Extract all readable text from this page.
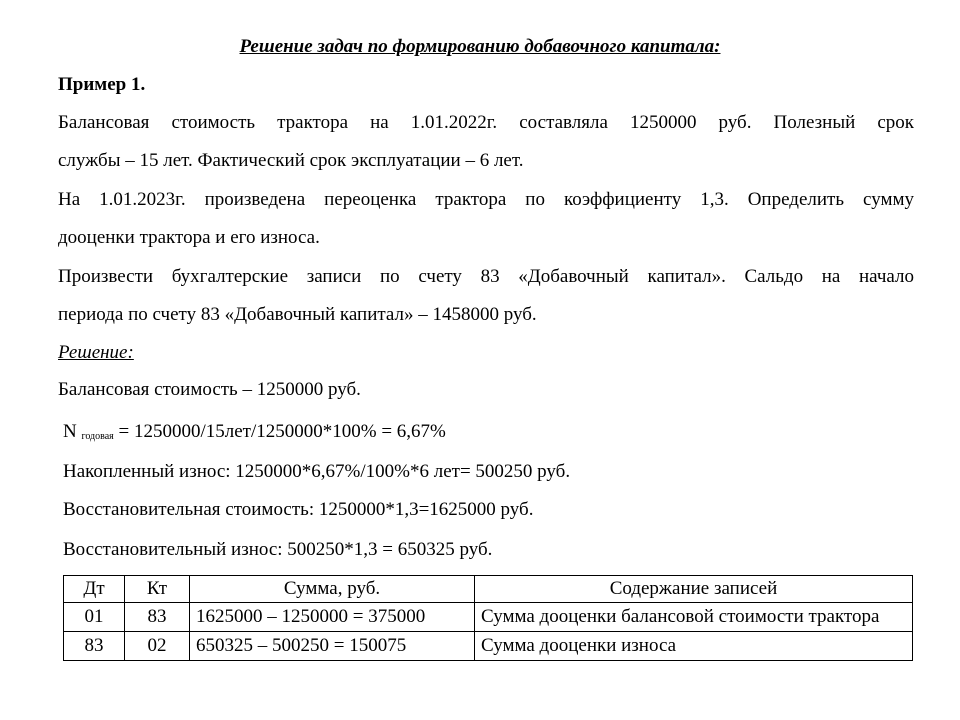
Решение задач по формированию добавочного капитала:
Пример 1.
Балансовая стоимость трактора на 1.01.2022г. составляла 1250000 руб. Полезный срок
службы – 15 лет. Фактический срок эксплуатации – 6 лет.
На 1.01.2023г. произведена переоценка трактора по коэффициенту 1,3. Определить сумму
дооценки трактора и его износа.
Произвести бухгалтерские записи по счету 83 «Добавочный капитал». Сальдо на начало
периода по счету 83 «Добавочный капитал» – 1458000 руб.
Решение:
Балансовая стоимость – 1250000 руб.
N $_{годовая}$ = 1250000/15лет/1250000*100% = 6,67%
Накопленный износ: 1250000*6,67%/100%*6 лет= 500250 руб.
Восстановительная стоимость: 1250000*1,3=1625000 руб.
Восстановительный износ: 500250*1,3 = 650325 руб.
Дт	Кт	Сумма, руб.	Содержание записей
01	83	1625000 – 1250000 = 375000	Сумма дооценки балансовой стоимости трактора
83	02	650325 – 500250 = 150075	Сумма дооценки износа
